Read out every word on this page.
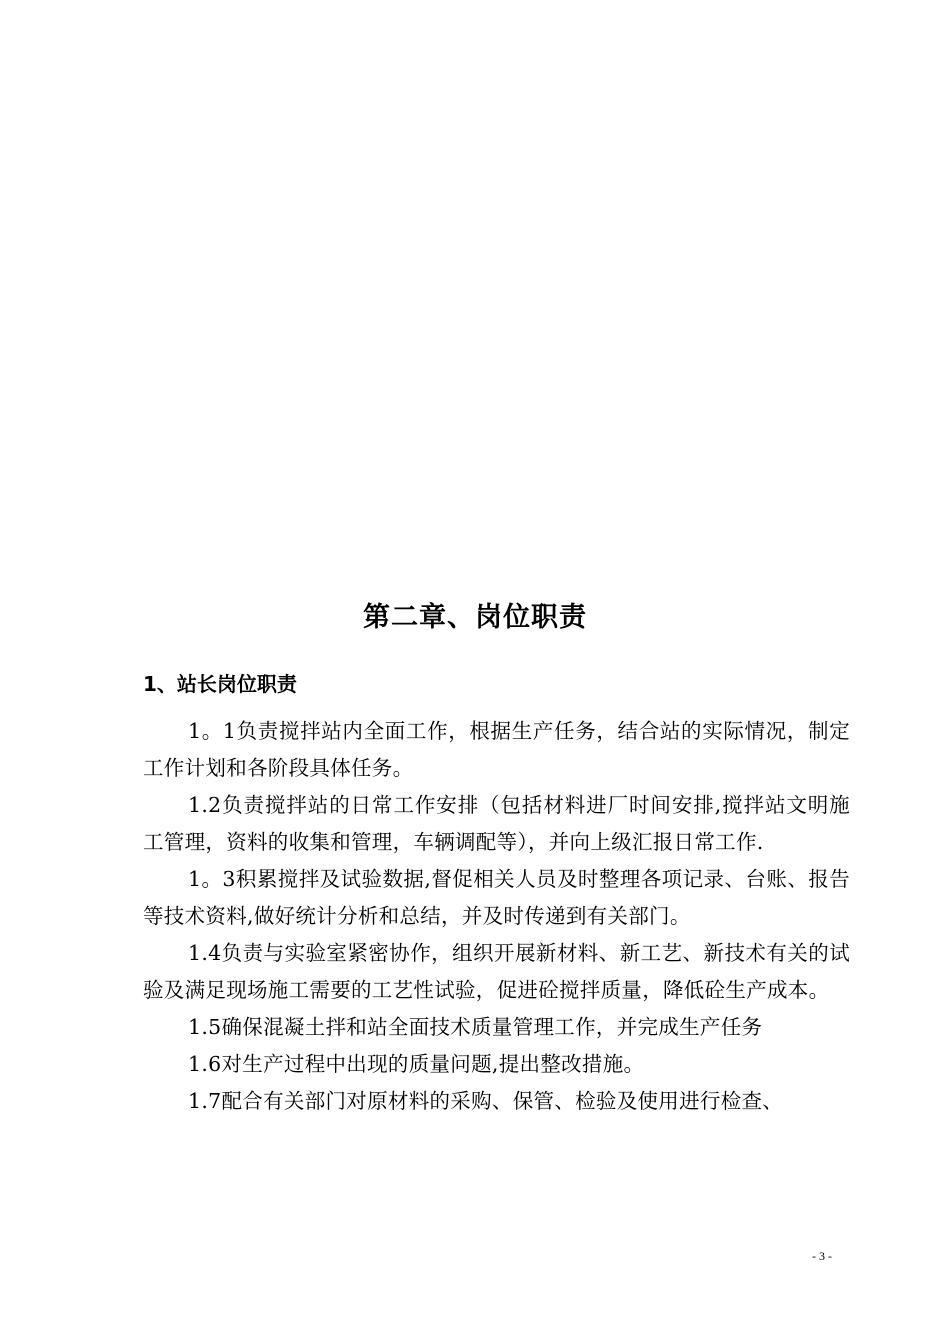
第二章、岗位职责
1、站长岗位职责

1。1负责搅拌站内全面工作，根据生产任务，结合站的实际情况，制定工作计划和各阶段具体任务。

1.2负责搅拌站的日常工作安排（包括材料进厂时间安排,搅拌站文明施工管理，资料的收集和管理，车辆调配等），并向上级汇报日常工作.

1。3积累搅拌及试验数据,督促相关人员及时整理各项记录、台账、报告等技术资料,做好统计分析和总结，并及时传递到有关部门。

1.4负责与实验室紧密协作，组织开展新材料、新工艺、新技术有关的试验及满足现场施工需要的工艺性试验，促进砼搅拌质量，降低砼生产成本。

1.5确保混凝土拌和站全面技术质量管理工作，并完成生产任务

1.6对生产过程中出现的质量问题,提出整改措施。

1.7配合有关部门对原材料的采购、保管、检验及使用进行检查、

- 3 -
